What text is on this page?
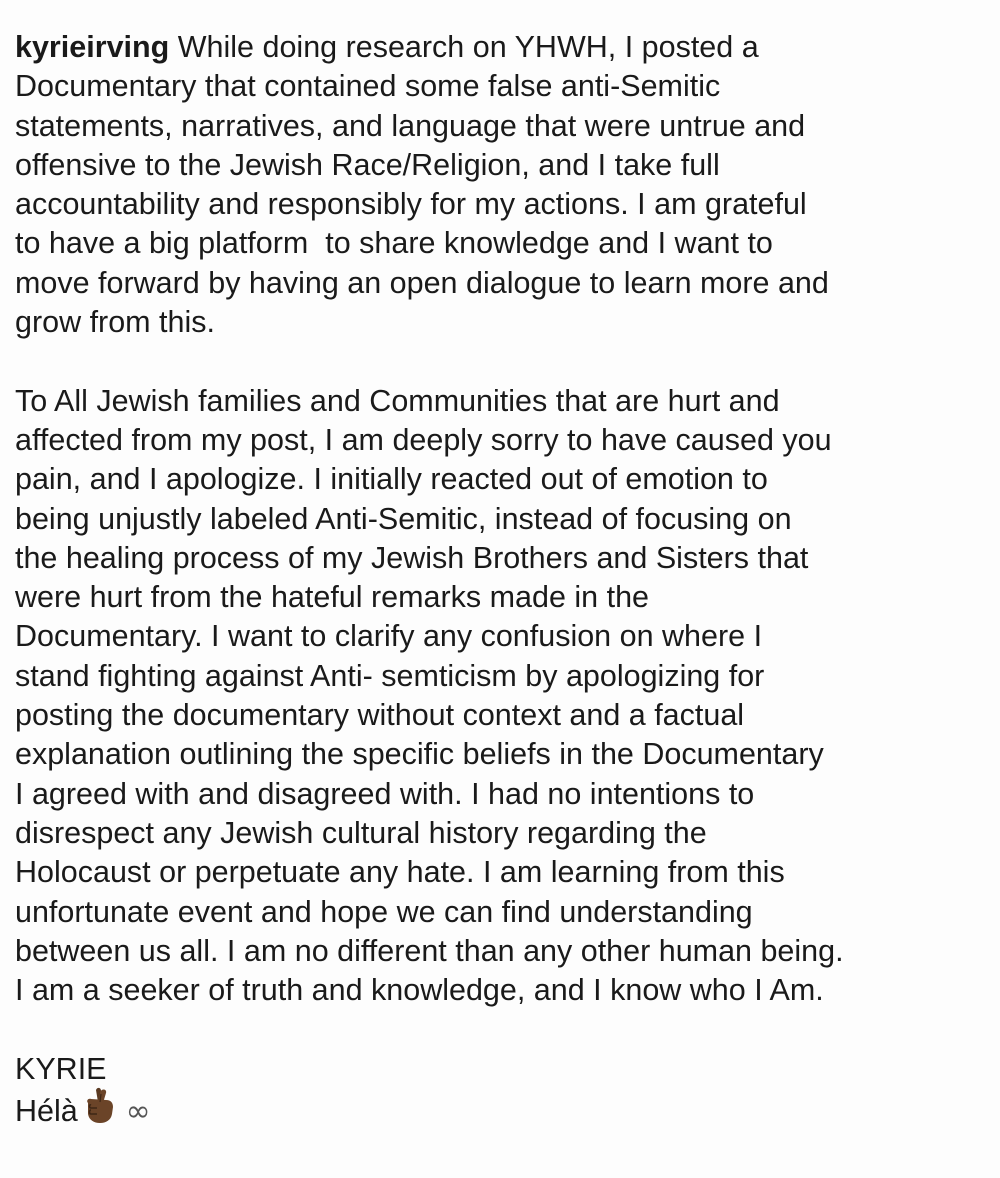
kyrieirving While doing research on YHWH, I posted a
Documentary that contained some false anti-Semitic
statements, narratives, and language that were untrue and
offensive to the Jewish Race/Religion, and I take full
accountability and responsibly for my actions. I am grateful
to have a big platform  to share knowledge and I want to
move forward by having an open dialogue to learn more and
grow from this.
To All Jewish families and Communities that are hurt and
affected from my post, I am deeply sorry to have caused you
pain, and I apologize. I initially reacted out of emotion to
being unjustly labeled Anti-Semitic, instead of focusing on
the healing process of my Jewish Brothers and Sisters that
were hurt from the hateful remarks made in the
Documentary. I want to clarify any confusion on where I
stand fighting against Anti- semticism by apologizing for
posting the documentary without context and a factual
explanation outlining the specific beliefs in the Documentary
I agreed with and disagreed with. I had no intentions to
disrespect any Jewish cultural history regarding the
Holocaust or perpetuate any hate. I am learning from this
unfortunate event and hope we can find understanding
between us all. I am no different than any other human being.
I am a seeker of truth and knowledge, and I know who I Am.
KYRIE
Hélà ∞
